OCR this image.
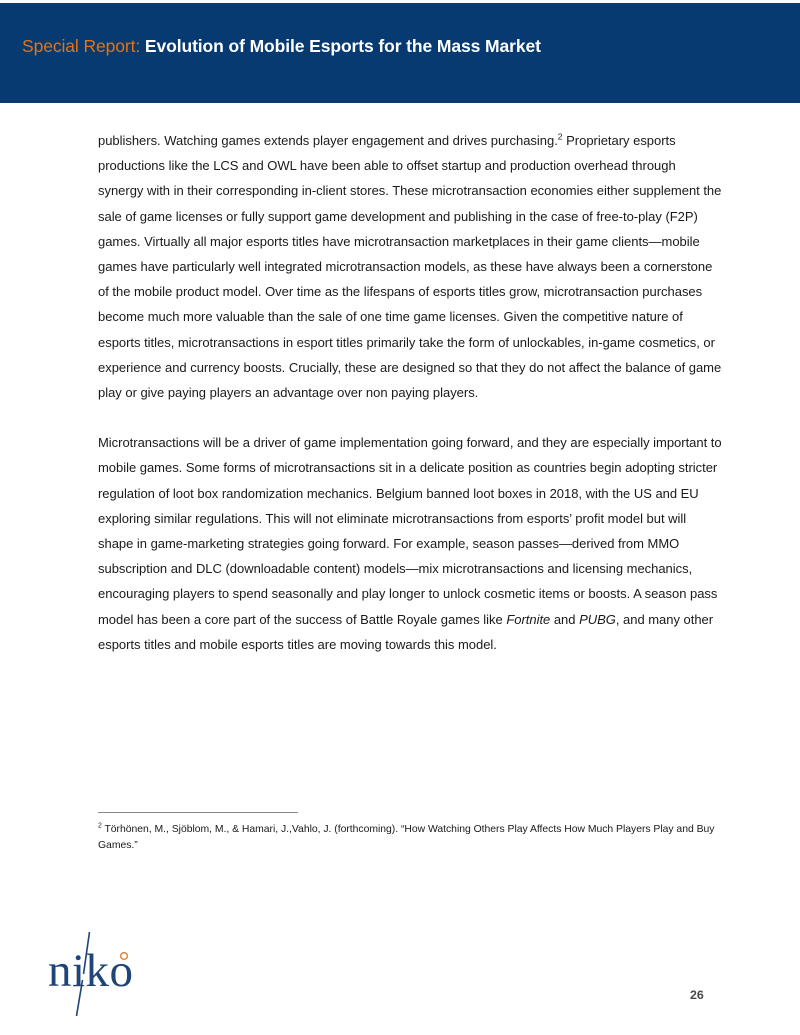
Special Report: Evolution of Mobile Esports for the Mass Market

publishers. Watching games extends player engagement and drives purchasing.$^2$ Proprietary esports productions like the LCS and OWL have been able to offset startup and production overhead through synergy with in their corresponding in-client stores. These microtransaction economies either supplement the sale of game licenses or fully support game development and publishing in the case of free-to-play (F2P) games. Virtually all major esports titles have microtransaction marketplaces in their game clients—mobile games have particularly well integrated microtransaction models, as these have always been a cornerstone of the mobile product model. Over time as the lifespans of esports titles grow, microtransaction purchases become much more valuable than the sale of one time game licenses. Given the competitive nature of esports titles, microtransactions in esport titles primarily take the form of unlockables, in-game cosmetics, or experience and currency boosts. Crucially, these are designed so that they do not affect the balance of game play or give paying players an advantage over non paying players.

Microtransactions will be a driver of game implementation going forward, and they are especially important to mobile games. Some forms of microtransactions sit in a delicate position as countries begin adopting stricter regulation of loot box randomization mechanics. Belgium banned loot boxes in 2018, with the US and EU exploring similar regulations. This will not eliminate microtransactions from esports’ profit model but will shape in game-marketing strategies going forward. For example, season passes—derived from MMO subscription and DLC (downloadable content) models—mix microtransactions and licensing mechanics, encouraging players to spend seasonally and play longer to unlock cosmetic items or boosts. A season pass model has been a core part of the success of Battle Royale games like Fortnite and PUBG, and many other esports titles and mobile esports titles are moving towards this model.

$^2$ Törhönen, M., Sjöblom, M., & Hamari, J.,Vahlo, J. (forthcoming). “How Watching Others Play Affects How Much Players Play and Buy Games.”

niko	26
